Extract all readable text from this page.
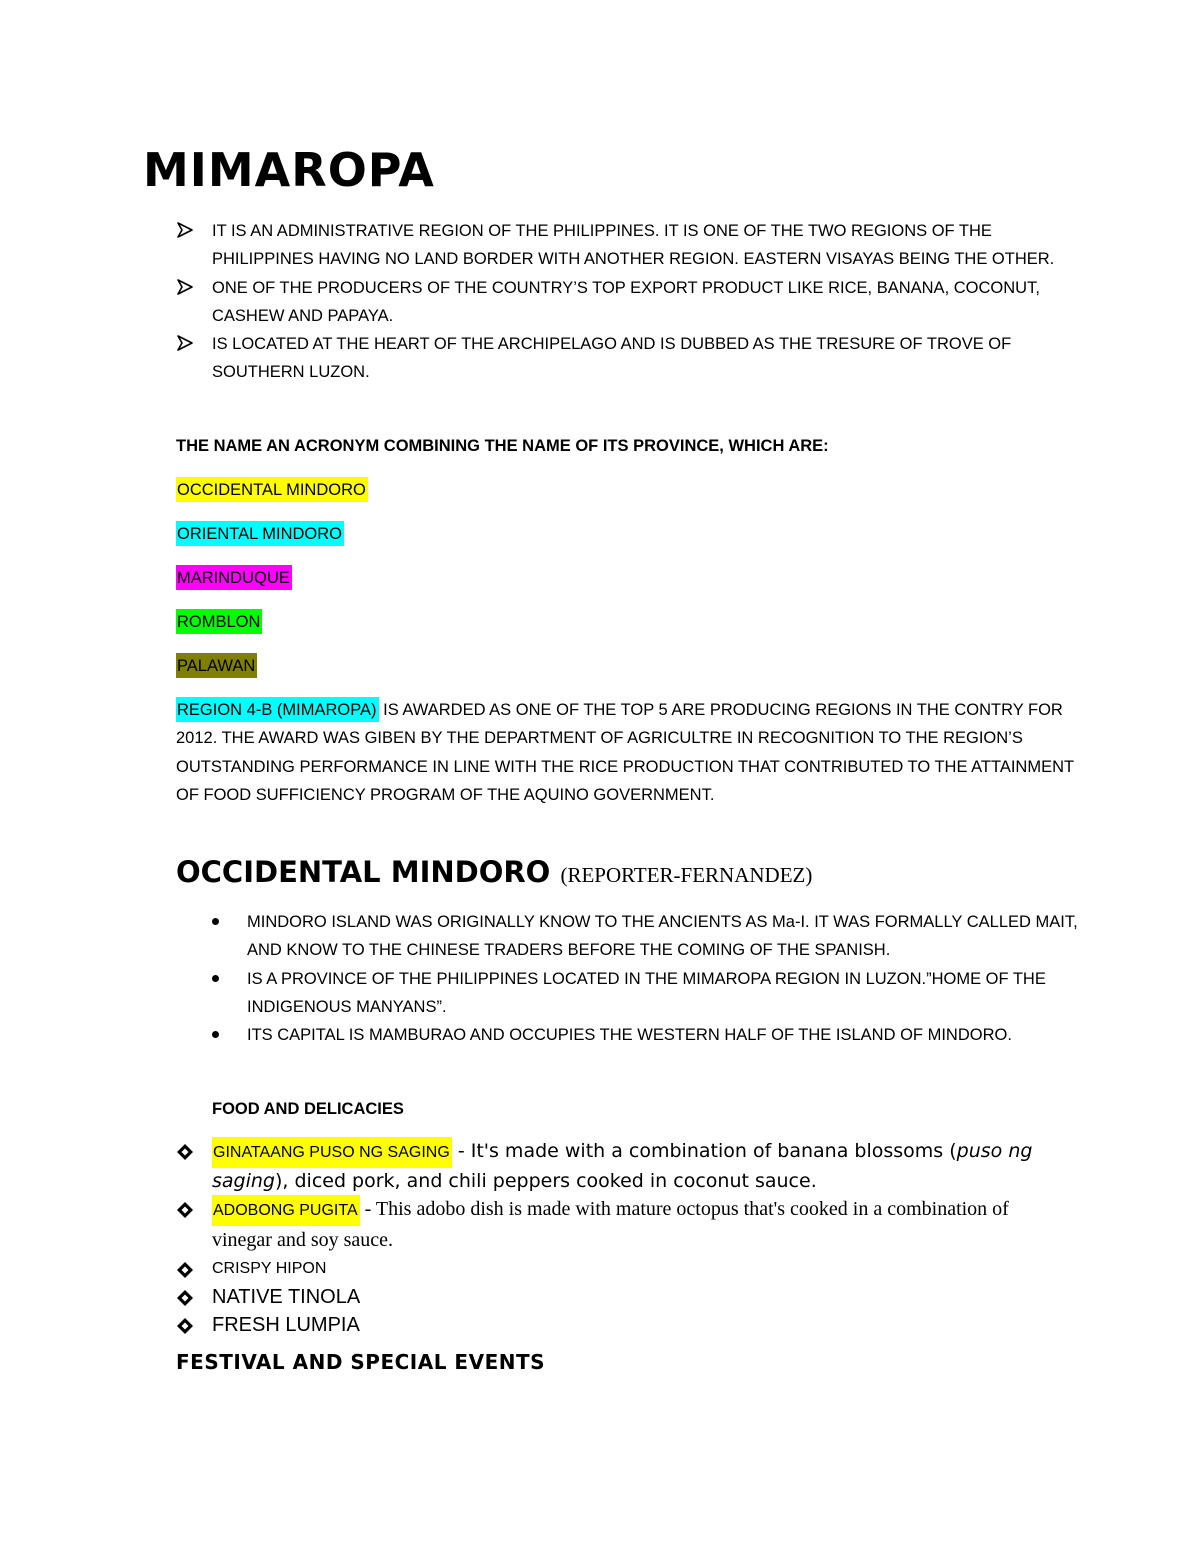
MIMAROPA
IT IS AN ADMINISTRATIVE REGION OF THE PHILIPPINES. IT IS ONE OF THE TWO REGIONS OF THE PHILIPPINES HAVING NO LAND BORDER WITH ANOTHER REGION. EASTERN VISAYAS BEING THE OTHER.
ONE OF THE PRODUCERS OF THE COUNTRY’S TOP EXPORT PRODUCT LIKE RICE, BANANA, COCONUT, CASHEW AND PAPAYA.
IS LOCATED AT THE HEART OF THE ARCHIPELAGO AND IS DUBBED AS THE TRESURE OF TROVE OF SOUTHERN LUZON.

THE NAME AN ACRONYM COMBINING THE NAME OF ITS PROVINCE, WHICH ARE:

OCCIDENTAL MINDORO

ORIENTAL MINDORO

MARINDUQUE

ROMBLON

PALAWAN

REGION 4-B (MIMAROPA) IS AWARDED AS ONE OF THE TOP 5 ARE PRODUCING REGIONS IN THE CONTRY FOR 2012. THE AWARD WAS GIBEN BY THE DEPARTMENT OF AGRICULTRE IN RECOGNITION TO THE REGION’S OUTSTANDING PERFORMANCE IN LINE WITH THE RICE PRODUCTION THAT CONTRIBUTED TO THE ATTAINMENT OF FOOD SUFFICIENCY PROGRAM OF THE AQUINO GOVERNMENT.

OCCIDENTAL MINDORO (REPORTER-FERNANDEZ)
MINDORO ISLAND WAS ORIGINALLY KNOW TO THE ANCIENTS AS Ma-I. IT WAS FORMALLY CALLED MAIT, AND KNOW TO THE CHINESE TRADERS BEFORE THE COMING OF THE SPANISH.
IS A PROVINCE OF THE PHILIPPINES LOCATED IN THE MIMAROPA REGION IN LUZON.”HOME OF THE INDIGENOUS MANYANS”.
ITS CAPITAL IS MAMBURAO AND OCCUPIES THE WESTERN HALF OF THE ISLAND OF MINDORO.

FOOD AND DELICACIES

GINATAANG PUSO NG SAGING - It's made with a combination of banana blossoms (puso ng saging), diced pork, and chili peppers cooked in coconut sauce.
ADOBONG PUGITA - This adobo dish is made with mature octopus that's cooked in a combination of vinegar and soy sauce.
CRISPY HIPON
NATIVE TINOLA
FRESH LUMPIA
FESTIVAL AND SPECIAL EVENTS
